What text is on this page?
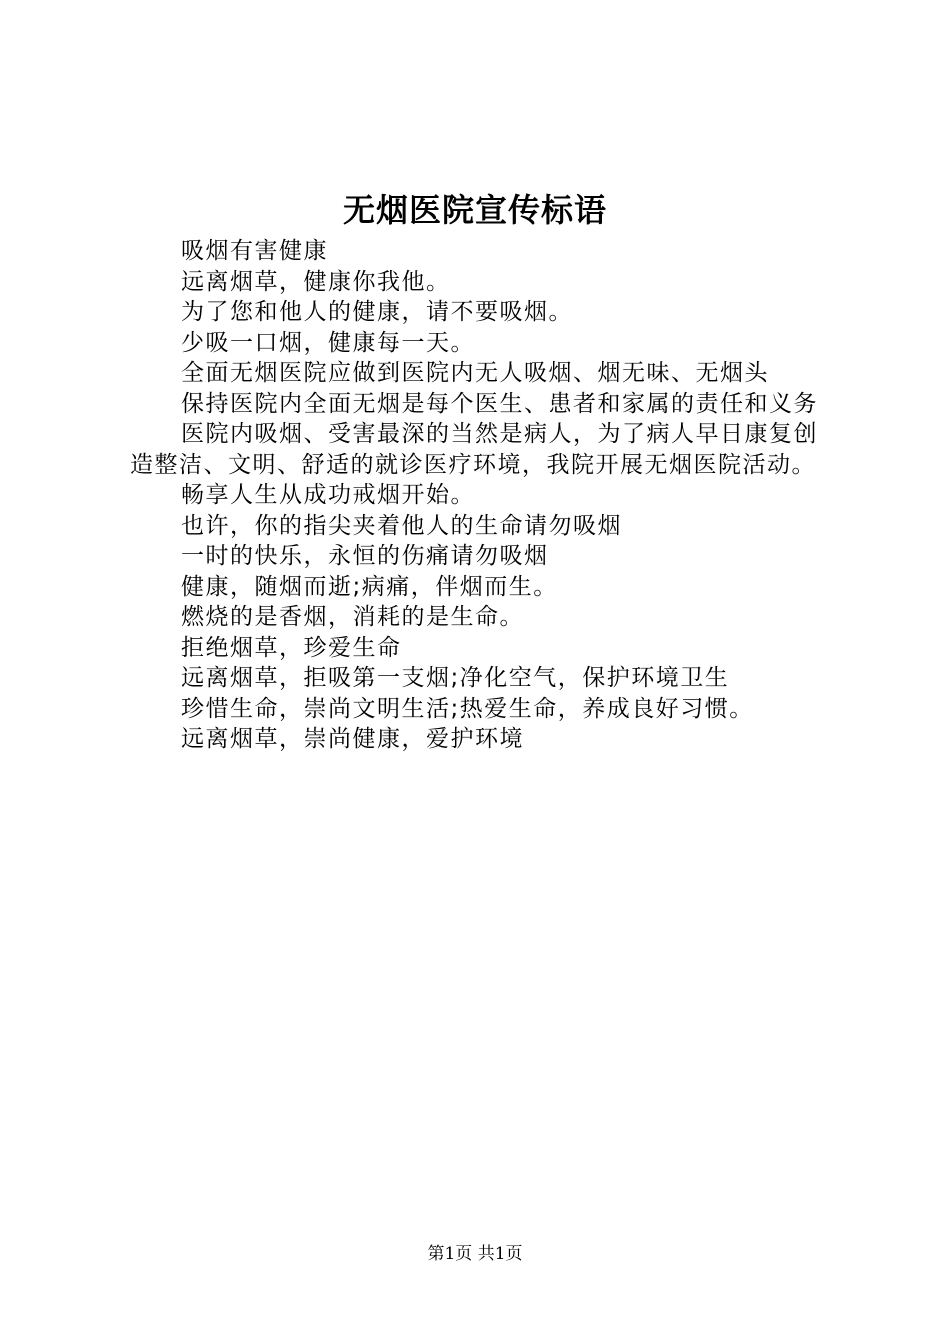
无烟医院宣传标语

吸烟有害健康

远离烟草，健康你我他。

为了您和他人的健康，请不要吸烟。

少吸一口烟，健康每一天。

全面无烟医院应做到医院内无人吸烟、烟无味、无烟头

保持医院内全面无烟是每个医生、患者和家属的责任和义务

医院内吸烟、受害最深的当然是病人，为了病人早日康复创造整洁、文明、舒适的就诊医疗环境，我院开展无烟医院活动。

畅享人生从成功戒烟开始。

也许，你的指尖夹着他人的生命请勿吸烟

一时的快乐，永恒的伤痛请勿吸烟

健康，随烟而逝;病痛，伴烟而生。

燃烧的是香烟，消耗的是生命。

拒绝烟草，珍爱生命

远离烟草，拒吸第一支烟;净化空气，保护环境卫生

珍惜生命，崇尚文明生活;热爱生命，养成良好习惯。

远离烟草，崇尚健康，爱护环境

第1页 共1页
